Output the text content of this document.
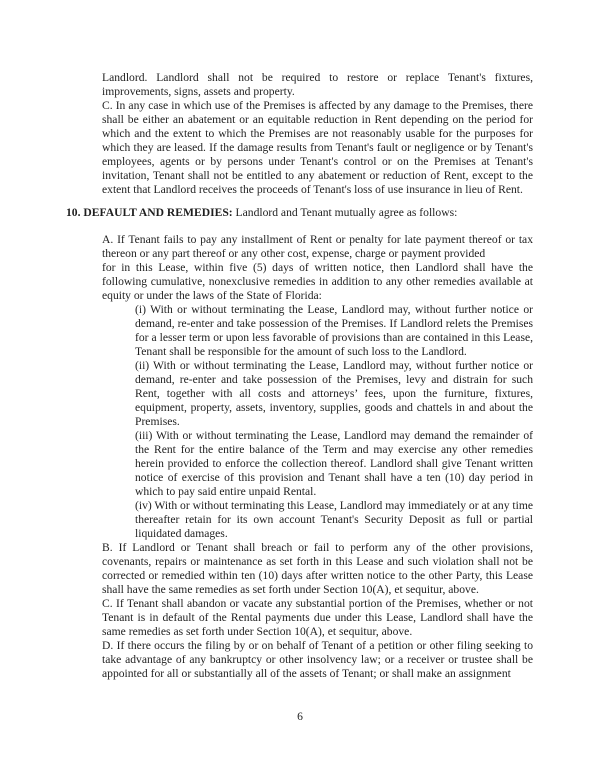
Landlord. Landlord shall not be required to restore or replace Tenant's fixtures, improvements, signs, assets and property.
C. In any case in which use of the Premises is affected by any damage to the Premises, there shall be either an abatement or an equitable reduction in Rent depending on the period for which and the extent to which the Premises are not reasonably usable for the purposes for which they are leased. If the damage results from Tenant's fault or negligence or by Tenant's employees, agents or by persons under Tenant's control or on the Premises at Tenant's invitation, Tenant shall not be entitled to any abatement or reduction of Rent, except to the extent that Landlord receives the proceeds of Tenant's loss of use insurance in lieu of Rent.
10. DEFAULT AND REMEDIES: Landlord and Tenant mutually agree as follows:
A. If Tenant fails to pay any installment of Rent or penalty for late payment thereof or tax thereon or any part thereof or any other cost, expense, charge or payment provided
for in this Lease, within five (5) days of written notice, then Landlord shall have the following cumulative, nonexclusive remedies in addition to any other remedies available at equity or under the laws of the State of Florida:
(i) With or without terminating the Lease, Landlord may, without further notice or demand, re-enter and take possession of the Premises. If Landlord relets the Premises for a lesser term or upon less favorable of provisions than are contained in this Lease, Tenant shall be responsible for the amount of such loss to the Landlord.
(ii) With or without terminating the Lease, Landlord may, without further notice or demand, re-enter and take possession of the Premises, levy and distrain for such Rent, together with all costs and attorneys’ fees, upon the furniture, fixtures, equipment, property, assets, inventory, supplies, goods and chattels in and about the Premises.
(iii) With or without terminating the Lease, Landlord may demand the remainder of the Rent for the entire balance of the Term and may exercise any other remedies herein provided to enforce the collection thereof. Landlord shall give Tenant written notice of exercise of this provision and Tenant shall have a ten (10) day period in which to pay said entire unpaid Rental.
(iv) With or without terminating this Lease, Landlord may immediately or at any time thereafter retain for its own account Tenant's Security Deposit as full or partial liquidated damages.
B. If Landlord or Tenant shall breach or fail to perform any of the other provisions, covenants, repairs or maintenance as set forth in this Lease and such violation shall not be corrected or remedied within ten (10) days after written notice to the other Party, this Lease shall have the same remedies as set forth under Section 10(A), et sequitur, above.
C. If Tenant shall abandon or vacate any substantial portion of the Premises, whether or not Tenant is in default of the Rental payments due under this Lease, Landlord shall have the same remedies as set forth under Section 10(A), et sequitur, above.
D. If there occurs the filing by or on behalf of Tenant of a petition or other filing seeking to take advantage of any bankruptcy or other insolvency law; or a receiver or trustee shall be appointed for all or substantially all of the assets of Tenant; or shall make an assignment
6
